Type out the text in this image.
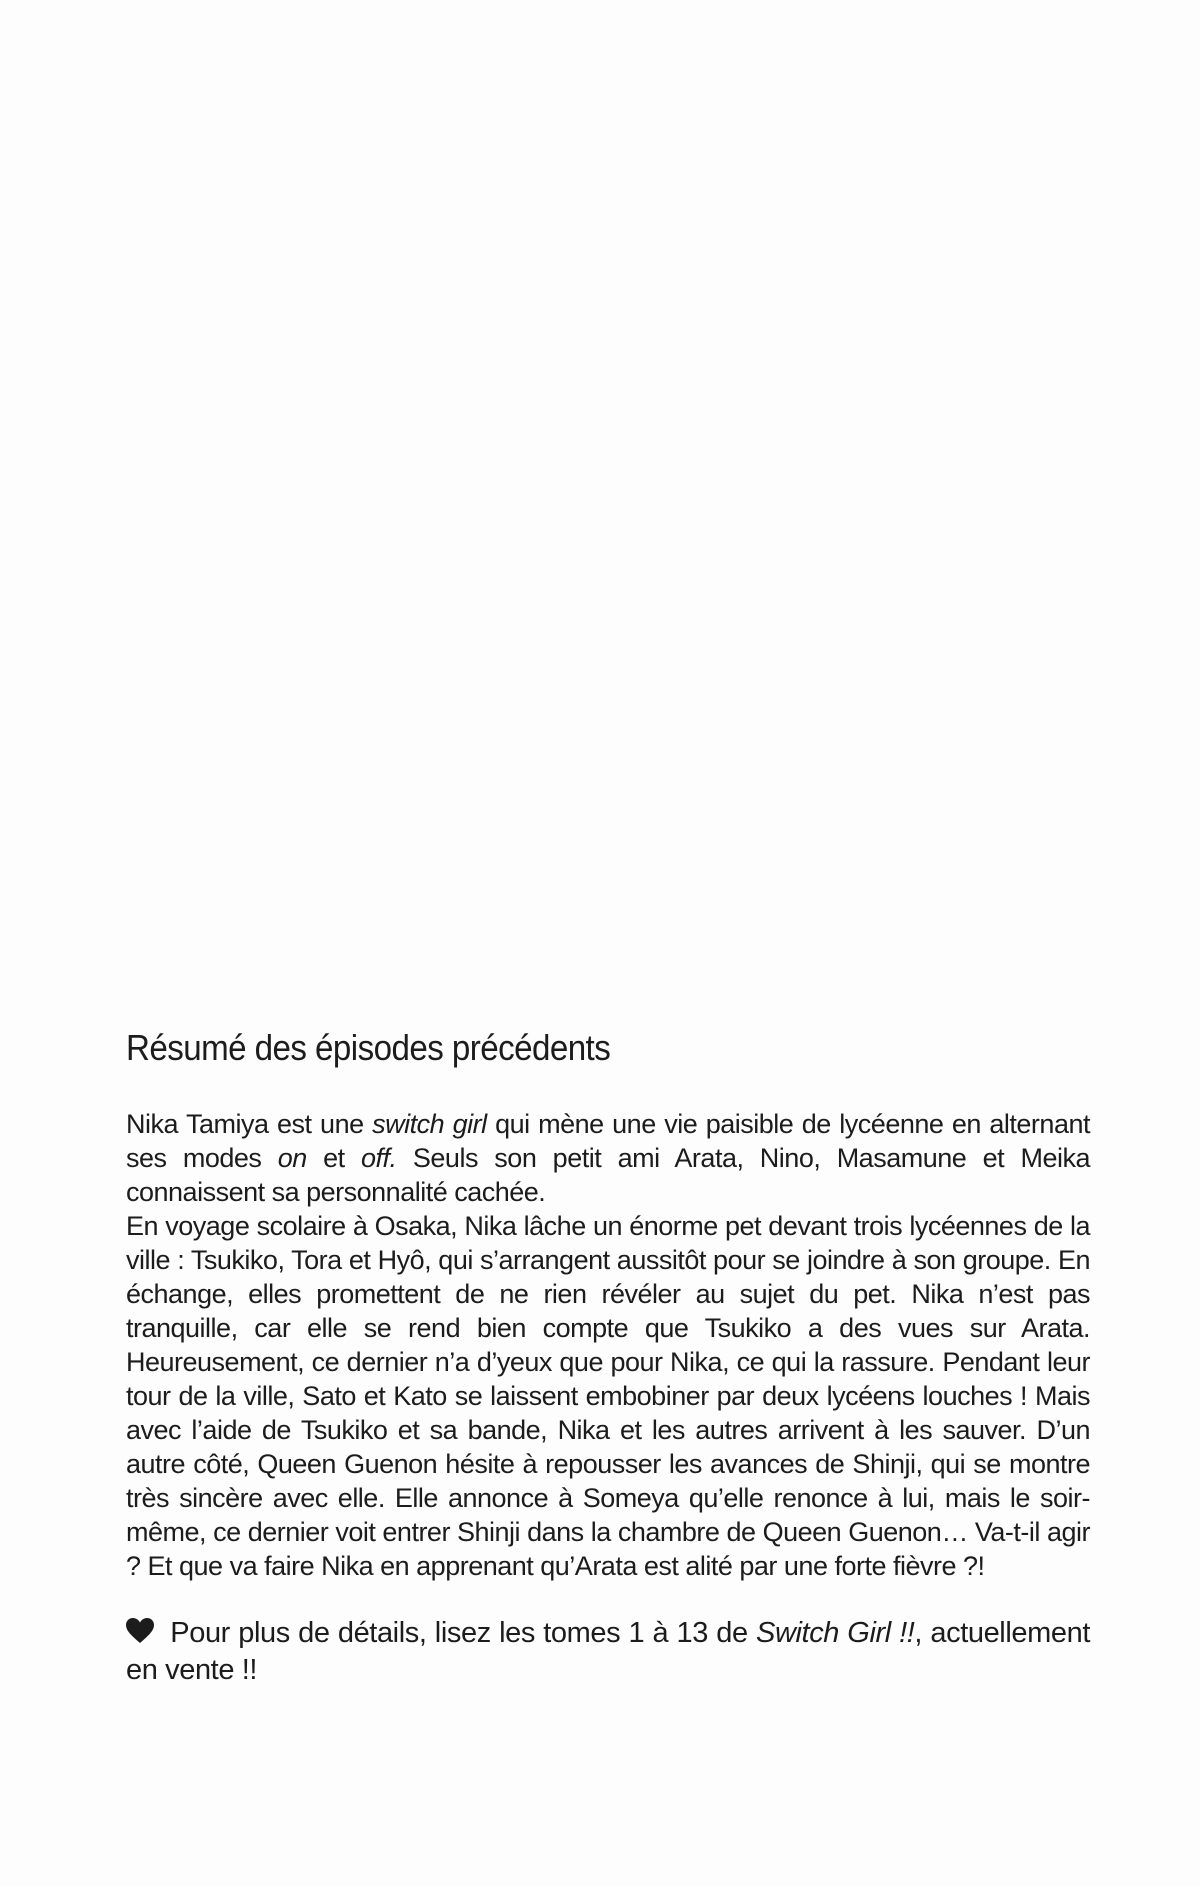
Résumé des épisodes précédents

Nika Tamiya est une switch girl qui mène une vie paisible de lycéenne en alternant ses modes on et off. Seuls son petit ami Arata, Nino, Masamune et Meika connaissent sa personnalité cachée.

En voyage scolaire à Osaka, Nika lâche un énorme pet devant trois lycéennes de la ville : Tsukiko, Tora et Hyô, qui s’arrangent aussitôt pour se joindre à son groupe. En échange, elles promettent de ne rien révéler au sujet du pet. Nika n’est pas tranquille, car elle se rend bien compte que Tsukiko a des vues sur Arata. Heureusement, ce dernier n’a d’yeux que pour Nika, ce qui la rassure. Pendant leur tour de la ville, Sato et Kato se laissent embobiner par deux lycéens louches ! Mais avec l’aide de Tsukiko et sa bande, Nika et les autres arrivent à les sauver. D’un autre côté, Queen Guenon hésite à repousser les avances de Shinji, qui se montre très sincère avec elle. Elle annonce à Someya qu’elle renonce à lui, mais le soir-même, ce dernier voit entrer Shinji dans la chambre de Queen Guenon… Va-t-il agir ? Et que va faire Nika en apprenant qu’Arata est alité par une forte fièvre ?!

Pour plus de détails, lisez les tomes 1 à 13 de Switch Girl !!, actuellement en vente !!
